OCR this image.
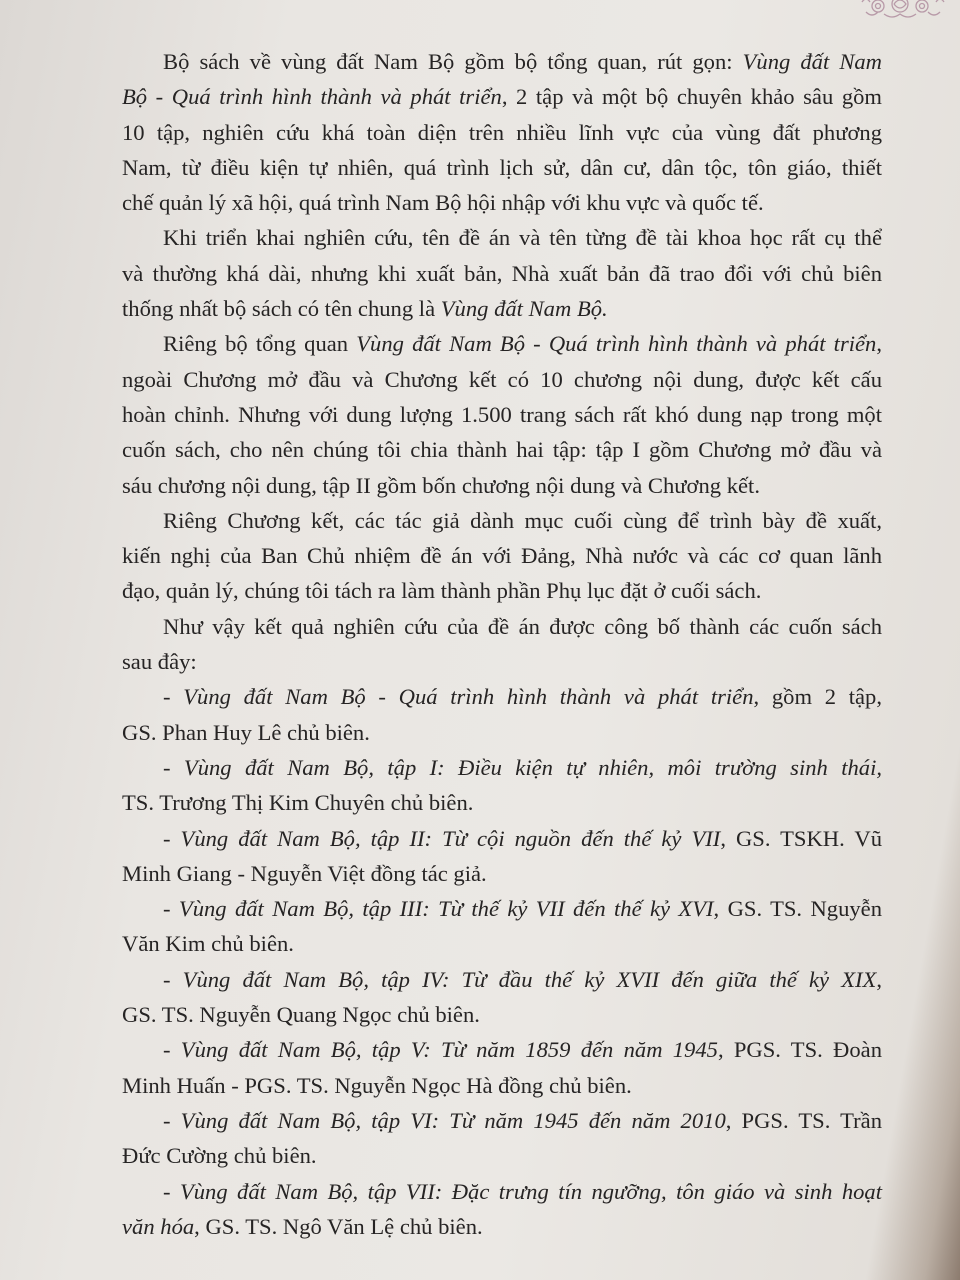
Bộ sách về vùng đất Nam Bộ gồm bộ tổng quan, rút gọn: Vùng đất Nam
Bộ - Quá trình hình thành và phát triển, 2 tập và một bộ chuyên khảo sâu gồm
10 tập, nghiên cứu khá toàn diện trên nhiều lĩnh vực của vùng đất phương
Nam, từ điều kiện tự nhiên, quá trình lịch sử, dân cư, dân tộc, tôn giáo, thiết
chế quản lý xã hội, quá trình Nam Bộ hội nhập với khu vực và quốc tế.
Khi triển khai nghiên cứu, tên đề án và tên từng đề tài khoa học rất cụ thể
và thường khá dài, nhưng khi xuất bản, Nhà xuất bản đã trao đổi với chủ biên
thống nhất bộ sách có tên chung là Vùng đất Nam Bộ.
Riêng bộ tổng quan Vùng đất Nam Bộ - Quá trình hình thành và phát triển,
ngoài Chương mở đầu và Chương kết có 10 chương nội dung, được kết cấu
hoàn chỉnh. Nhưng với dung lượng 1.500 trang sách rất khó dung nạp trong một
cuốn sách, cho nên chúng tôi chia thành hai tập: tập I gồm Chương mở đầu và
sáu chương nội dung, tập II gồm bốn chương nội dung và Chương kết.
Riêng Chương kết, các tác giả dành mục cuối cùng để trình bày đề xuất,
kiến nghị của Ban Chủ nhiệm đề án với Đảng, Nhà nước và các cơ quan lãnh
đạo, quản lý, chúng tôi tách ra làm thành phần Phụ lục đặt ở cuối sách.
Như vậy kết quả nghiên cứu của đề án được công bố thành các cuốn sách
sau đây:
- Vùng đất Nam Bộ - Quá trình hình thành và phát triển, gồm 2 tập,
GS. Phan Huy Lê chủ biên.
- Vùng đất Nam Bộ, tập I: Điều kiện tự nhiên, môi trường sinh thái,
TS. Trương Thị Kim Chuyên chủ biên.
- Vùng đất Nam Bộ, tập II: Từ cội nguồn đến thế kỷ VII, GS. TSKH. Vũ
Minh Giang - Nguyễn Việt đồng tác giả.
- Vùng đất Nam Bộ, tập III: Từ thế kỷ VII đến thế kỷ XVI, GS. TS. Nguyễn
Văn Kim chủ biên.
- Vùng đất Nam Bộ, tập IV: Từ đầu thế kỷ XVII đến giữa thế kỷ XIX,
GS. TS. Nguyễn Quang Ngọc chủ biên.
- Vùng đất Nam Bộ, tập V: Từ năm 1859 đến năm 1945, PGS. TS. Đoàn
Minh Huấn - PGS. TS. Nguyễn Ngọc Hà đồng chủ biên.
- Vùng đất Nam Bộ, tập VI: Từ năm 1945 đến năm 2010, PGS. TS. Trần
Đức Cường chủ biên.
- Vùng đất Nam Bộ, tập VII: Đặc trưng tín ngưỡng, tôn giáo và sinh hoạt
văn hóa, GS. TS. Ngô Văn Lệ chủ biên.
